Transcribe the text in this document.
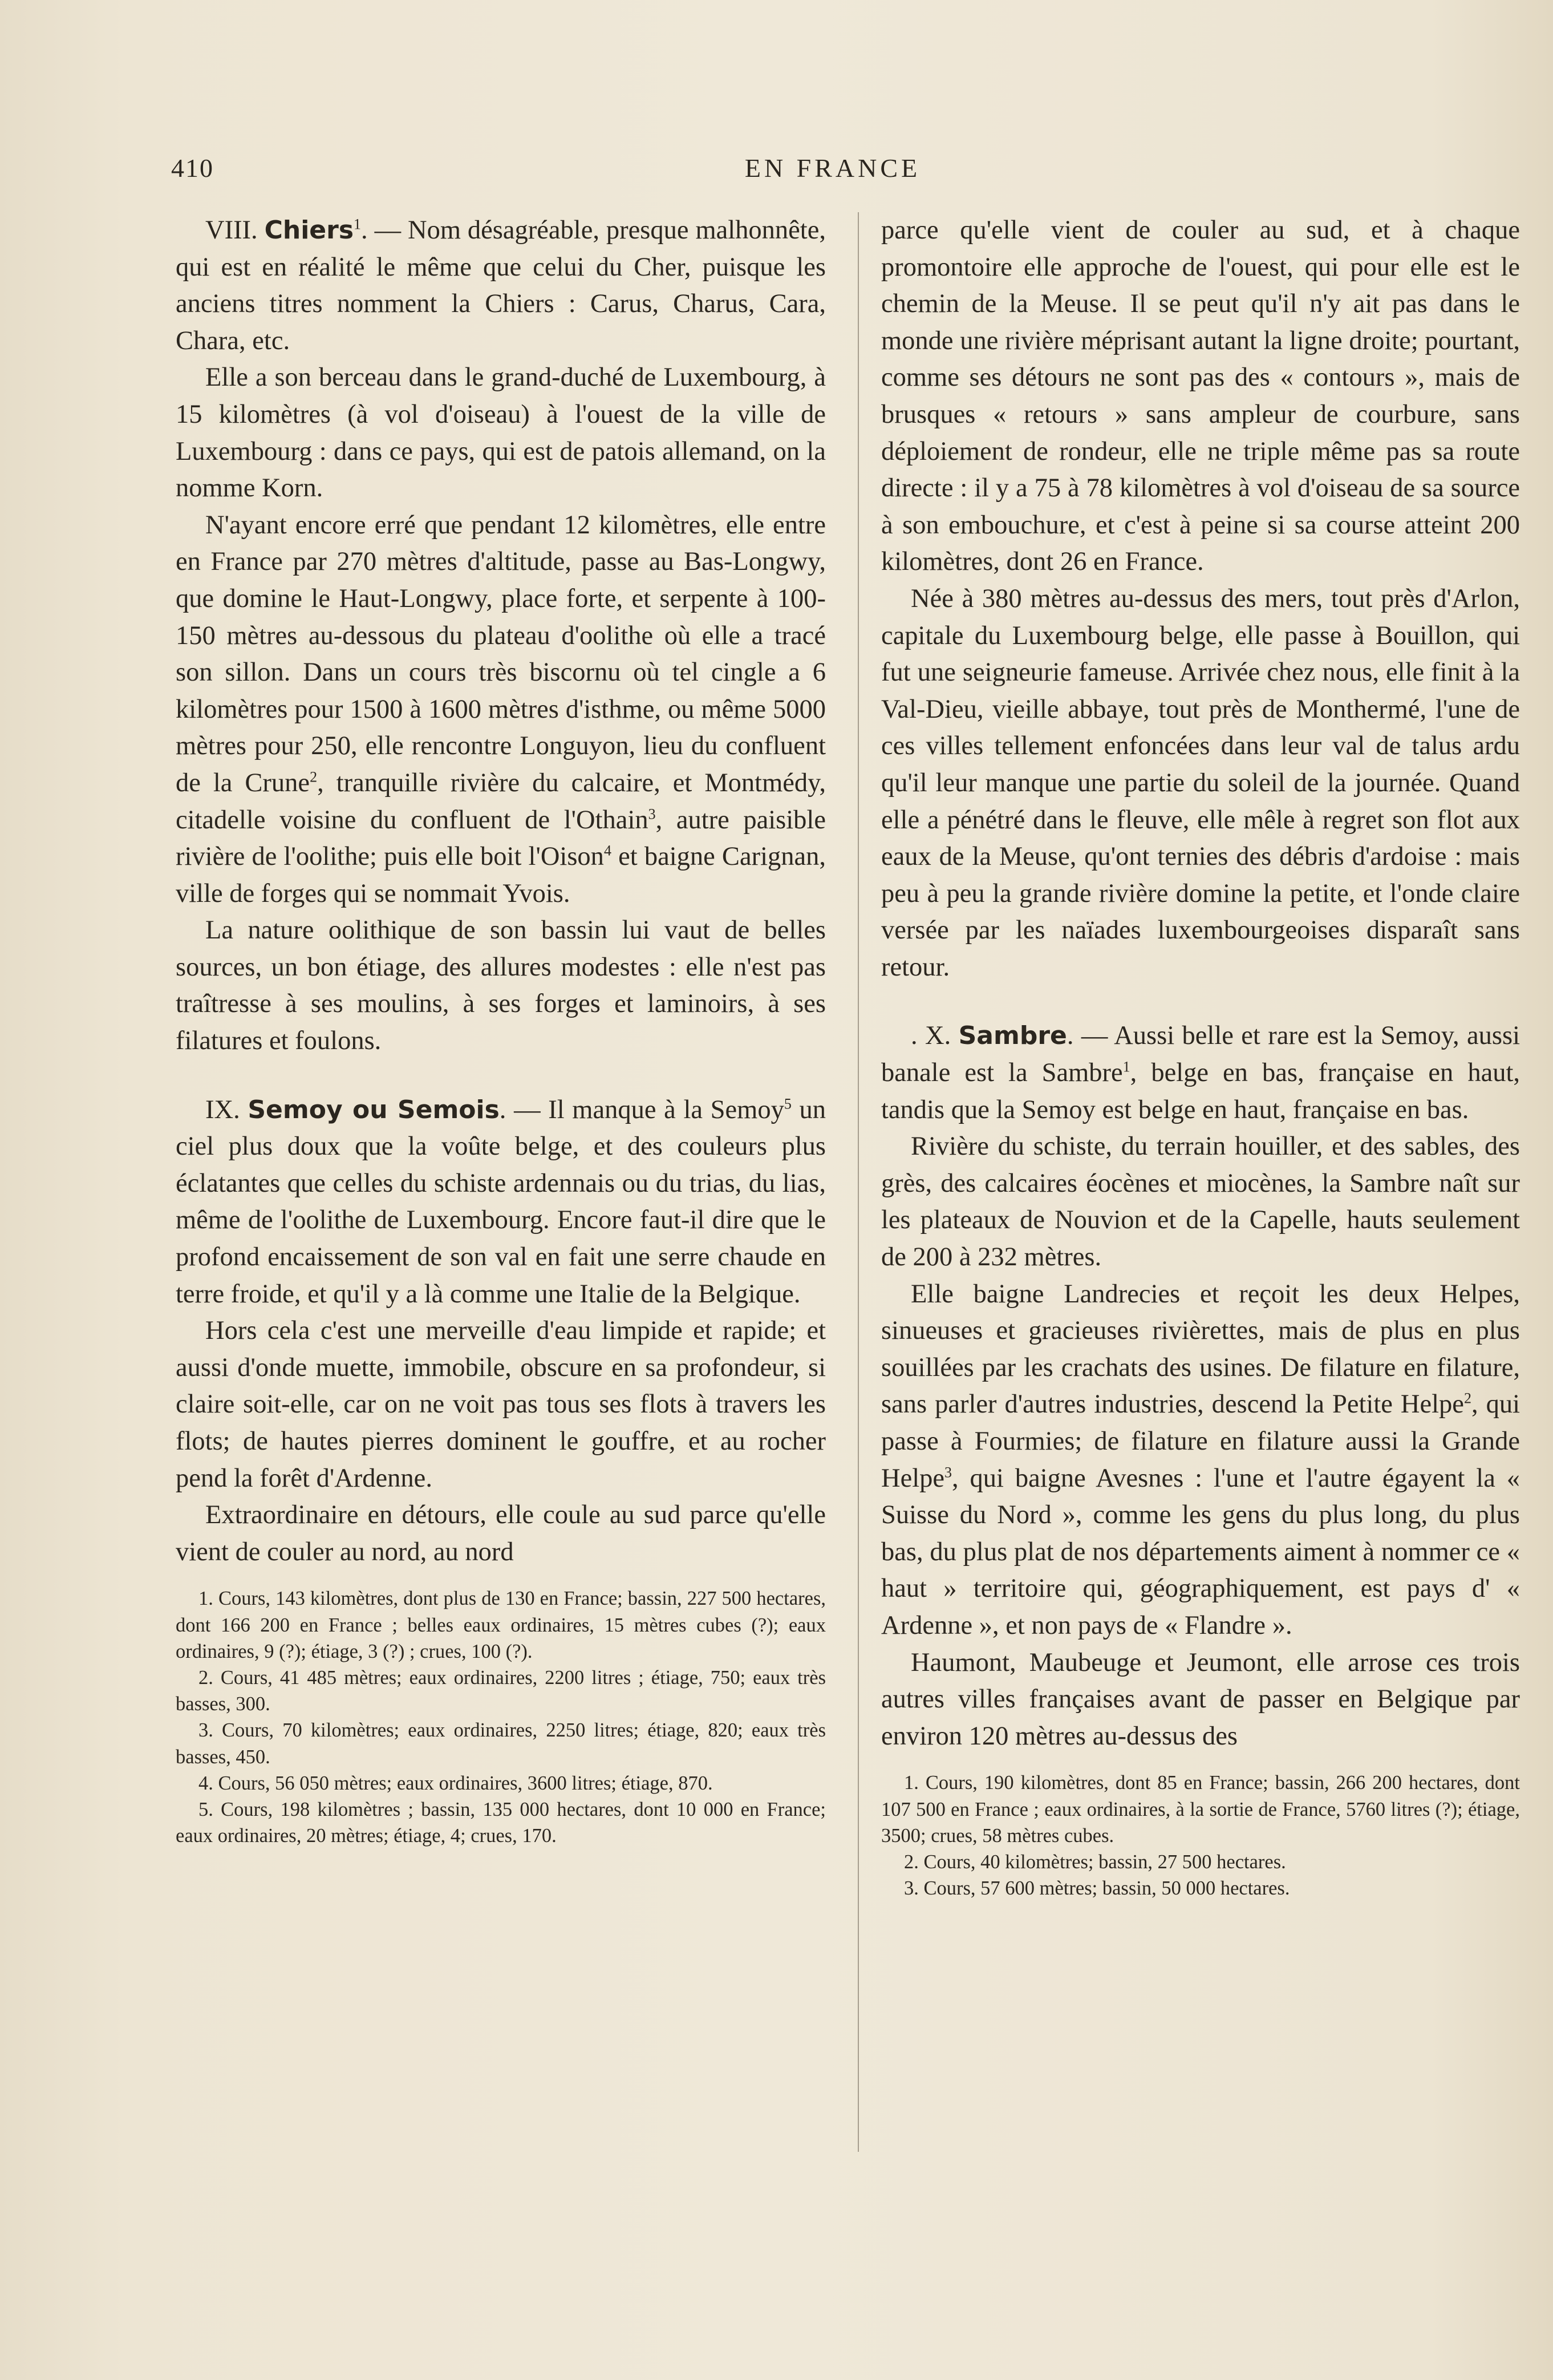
410	EN FRANCE

VIII. Chiers$^1$. — Nom désagréable, presque malhonnête, qui est en réalité le même que celui du Cher, puisque les anciens titres nomment la Chiers : Carus, Charus, Cara, Chara, etc.

Elle a son berceau dans le grand-duché de Luxembourg, à 15 kilomètres (à vol d'oiseau) à l'ouest de la ville de Luxembourg : dans ce pays, qui est de patois allemand, on la nomme Korn.

N'ayant encore erré que pendant 12 kilomètres, elle entre en France par 270 mètres d'altitude, passe au Bas-Longwy, que domine le Haut-Longwy, place forte, et serpente à 100-150 mètres au-dessous du plateau d'oolithe où elle a tracé son sillon. Dans un cours très biscornu où tel cingle a 6 kilomètres pour 1500 à 1600 mètres d'isthme, ou même 5000 mètres pour 250, elle rencontre Longuyon, lieu du confluent de la Crune$^2$, tranquille rivière du calcaire, et Montmédy, citadelle voisine du confluent de l'Othain$^3$, autre paisible rivière de l'oolithe; puis elle boit l'Oison$^4$ et baigne Carignan, ville de forges qui se nommait Yvois.

La nature oolithique de son bassin lui vaut de belles sources, un bon étiage, des allures modestes : elle n'est pas traîtresse à ses moulins, à ses forges et laminoirs, à ses filatures et foulons.

IX. Semoy ou Semois. — Il manque à la Semoy$^5$ un ciel plus doux que la voûte belge, et des couleurs plus éclatantes que celles du schiste ardennais ou du trias, du lias, même de l'oolithe de Luxembourg. Encore faut-il dire que le profond encaissement de son val en fait une serre chaude en terre froide, et qu'il y a là comme une Italie de la Belgique.

Hors cela c'est une merveille d'eau limpide et rapide; et aussi d'onde muette, immobile, obscure en sa profondeur, si claire soit-elle, car on ne voit pas tous ses flots à travers les flots; de hautes pierres dominent le gouffre, et au rocher pend la forêt d'Ardenne.

Extraordinaire en détours, elle coule au sud parce qu'elle vient de couler au nord, au nord

1. Cours, 143 kilomètres, dont plus de 130 en France; bassin, 227 500 hectares, dont 166 200 en France ; belles eaux ordinaires, 15 mètres cubes (?); eaux ordinaires, 9 (?); étiage, 3 (?) ; crues, 100 (?).

2. Cours, 41 485 mètres; eaux ordinaires, 2200 litres ; étiage, 750; eaux très basses, 300.

3. Cours, 70 kilomètres; eaux ordinaires, 2250 litres; étiage, 820; eaux très basses, 450.

4. Cours, 56 050 mètres; eaux ordinaires, 3600 litres; étiage, 870.

5. Cours, 198 kilomètres ; bassin, 135 000 hectares, dont 10 000 en France; eaux ordinaires, 20 mètres; étiage, 4; crues, 170.

parce qu'elle vient de couler au sud, et à chaque promontoire elle approche de l'ouest, qui pour elle est le chemin de la Meuse. Il se peut qu'il n'y ait pas dans le monde une rivière méprisant autant la ligne droite; pourtant, comme ses détours ne sont pas des « contours », mais de brusques « retours » sans ampleur de courbure, sans déploiement de rondeur, elle ne triple même pas sa route directe : il y a 75 à 78 kilomètres à vol d'oiseau de sa source à son embouchure, et c'est à peine si sa course atteint 200 kilomètres, dont 26 en France.

Née à 380 mètres au-dessus des mers, tout près d'Arlon, capitale du Luxembourg belge, elle passe à Bouillon, qui fut une seigneurie fameuse. Arrivée chez nous, elle finit à la Val-Dieu, vieille abbaye, tout près de Monthermé, l'une de ces villes tellement enfoncées dans leur val de talus ardu qu'il leur manque une partie du soleil de la journée. Quand elle a pénétré dans le fleuve, elle mêle à regret son flot aux eaux de la Meuse, qu'ont ternies des débris d'ardoise : mais peu à peu la grande rivière domine la petite, et l'onde claire versée par les naïades luxembourgeoises disparaît sans retour.

. X. Sambre. — Aussi belle et rare est la Semoy, aussi banale est la Sambre$^1$, belge en bas, française en haut, tandis que la Semoy est belge en haut, française en bas.

Rivière du schiste, du terrain houiller, et des sables, des grès, des calcaires éocènes et miocènes, la Sambre naît sur les plateaux de Nouvion et de la Capelle, hauts seulement de 200 à 232 mètres.

Elle baigne Landrecies et reçoit les deux Helpes, sinueuses et gracieuses rivièrettes, mais de plus en plus souillées par les crachats des usines. De filature en filature, sans parler d'autres industries, descend la Petite Helpe$^2$, qui passe à Fourmies; de filature en filature aussi la Grande Helpe$^3$, qui baigne Avesnes : l'une et l'autre égayent la « Suisse du Nord », comme les gens du plus long, du plus bas, du plus plat de nos départements aiment à nommer ce « haut » territoire qui, géographiquement, est pays d' « Ardenne », et non pays de « Flandre ».

Haumont, Maubeuge et Jeumont, elle arrose ces trois autres villes françaises avant de passer en Belgique par environ 120 mètres au-dessus des

1. Cours, 190 kilomètres, dont 85 en France; bassin, 266 200 hectares, dont 107 500 en France ; eaux ordinaires, à la sortie de France, 5760 litres (?); étiage, 3500; crues, 58 mètres cubes.

2. Cours, 40 kilomètres; bassin, 27 500 hectares.

3. Cours, 57 600 mètres; bassin, 50 000 hectares.
